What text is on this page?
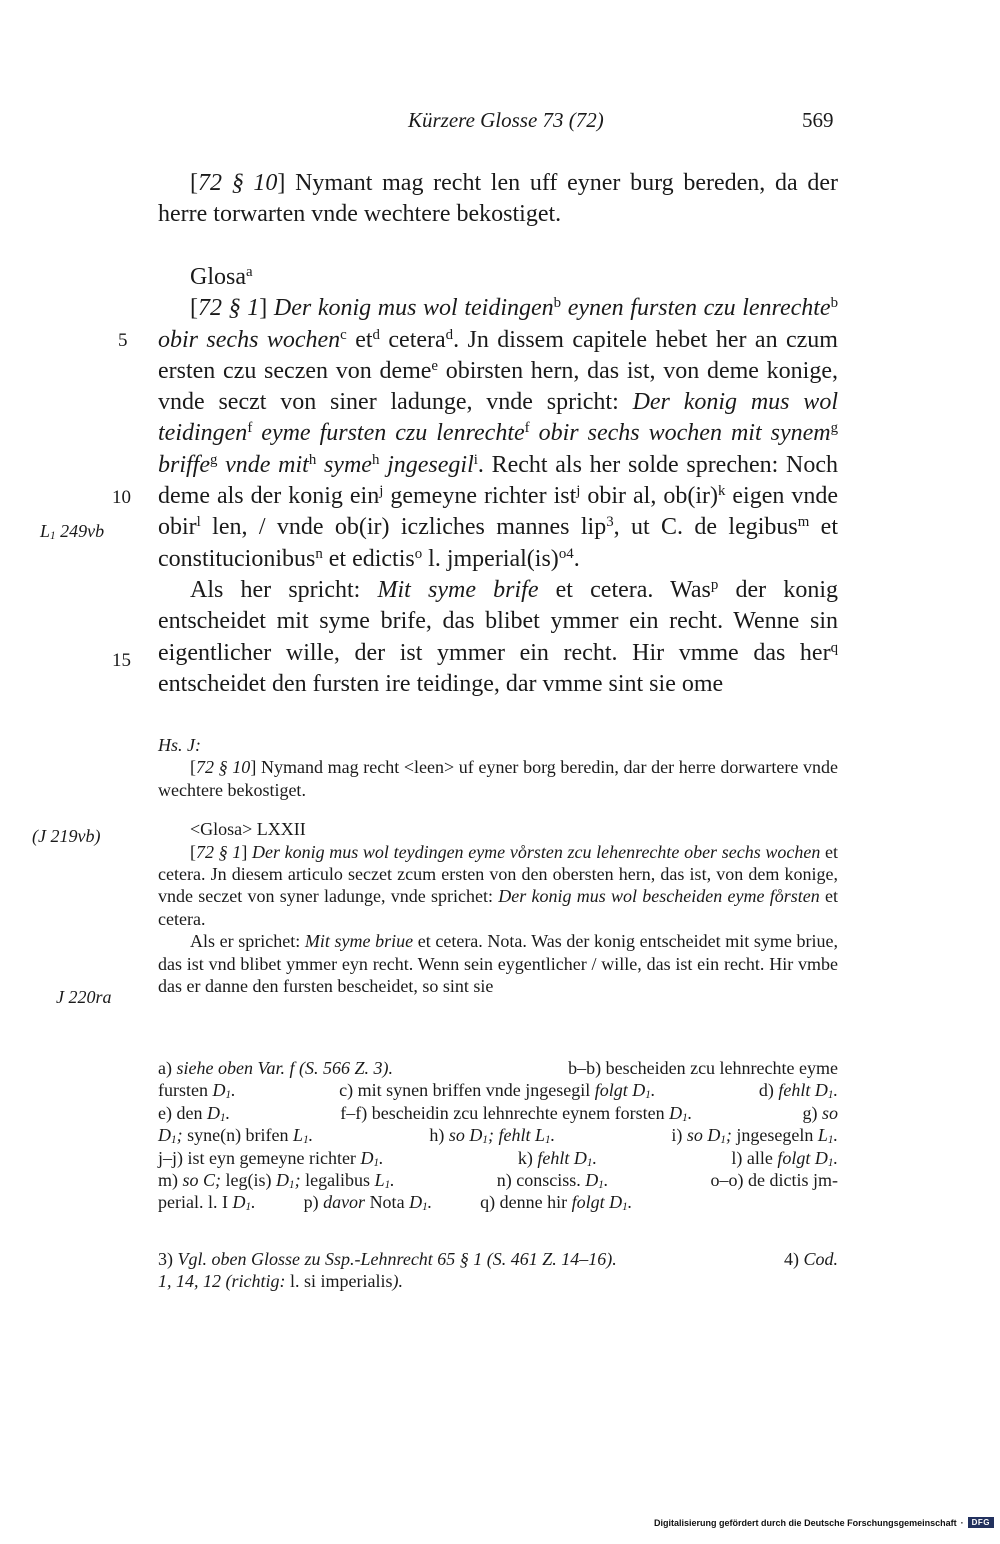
Kürzere Glosse 73 (72)	569

[72 § 10] Nymant mag recht len uff eyner burg bereden, da der herre torwarten vnde wechtere bekostiget.

Glosa$^a$

[72 § 1] Der konig mus wol teidingen$^b$ eynen fursten czu lenrechte$^b$ obir sechs wochen$^c$ $et^d$ cetera$^d$. Jn dissem capitele hebet her an czum ersten czu seczen von deme$^e$ obirsten hern, das ist, von deme konige, vnde seczt von siner ladunge, vnde spricht: Der konig mus wol teidingen$^f$ eyme fursten czu lenrechte$^f$ obir sechs wochen mit synem$^g$ briffe$^g$ vnde mit$^h$ syme$^h$ jngesegil$^i$. Recht als her solde sprechen: Noch deme als der konig ein$^j$ gemeyne richter ist$^j$ obir al, ob(ir)$^k$ eigen vnde obir$^l$ len, / vnde ob(ir) iczliches mannes lip$^3$, ut C. de legibus$^m$ et constitucionibus$^n$ et edictis$^o$ l. jmperial(is)$^{o4}$.

Als her spricht: Mit syme brife et cetera. Was$^p$ der konig entscheidet mit syme brife, das blibet ymmer ein recht. Wenne sin eigentlicher wille, der ist ymmer ein recht. Hir vmme das her$^q$ entscheidet den fursten ire teidinge, dar vmme sint sie ome

5
10
15
$L_1$ 249vb
(J 219vb)
J 220ra

Hs. J:

[72 § 10] Nymand mag recht <leen> uf eyner borg beredin, dar der herre dorwartere vnde wechtere bekostiget.

<Glosa> LXXII

[72 § 1] Der konig mus wol teydingen eyme vo̊rsten zcu lehenrechte ober sechs wochen et cetera. Jn diesem articulo seczet zcum ersten von den obersten hern, das ist, von dem konige, vnde seczet von syner ladunge, vnde sprichet: Der konig mus wol bescheiden eyme fo̊rsten et cetera.

Als er sprichet: Mit syme briue et cetera. Nota. Was der konig entscheidet mit syme briue, das ist vnd blibet ymmer eyn recht. Wenn sein eygentlicher / wille, das ist ein recht. Hir vmbe das er danne den fursten bescheidet, so sint sie

a) siehe oben Var. f (S. 566 Z. 3).	b–b) bescheiden zcu lehnrechte eyme
fursten $D_1$.	c) mit synen briffen vnde jngesegil folgt $D_1$.	d) fehlt $D_1$.
e) den $D_1$.	f–f) bescheidin zcu lehnrechte eynem forsten $D_1$.	g) so
$D_1$; syne(n) brifen $L_1$.	h) so $D_1$; fehlt $L_1$.	i) so $D_1$; jngesegeln $L_1$.
j–j) ist eyn gemeyne richter $D_1$.	k) fehlt $D_1$.	l) alle folgt $D_1$.
m) so C; leg(is) $D_1$; legalibus $L_1$.	n) consciss. $D_1$.	o–o) de dictis jm-
perial. l. I $D_1$.	p) davor Nota $D_1$.	q) denne hir folgt $D_1$.
3) Vgl. oben Glosse zu Ssp.-Lehnrecht 65 § 1 (S. 461 Z. 14–16).	4) Cod.
1, 14, 12 (richtig: l. si imperialis).
Digitalisierung gefördert durch die Deutsche Forschungsgemeinschaft ·	DFG
